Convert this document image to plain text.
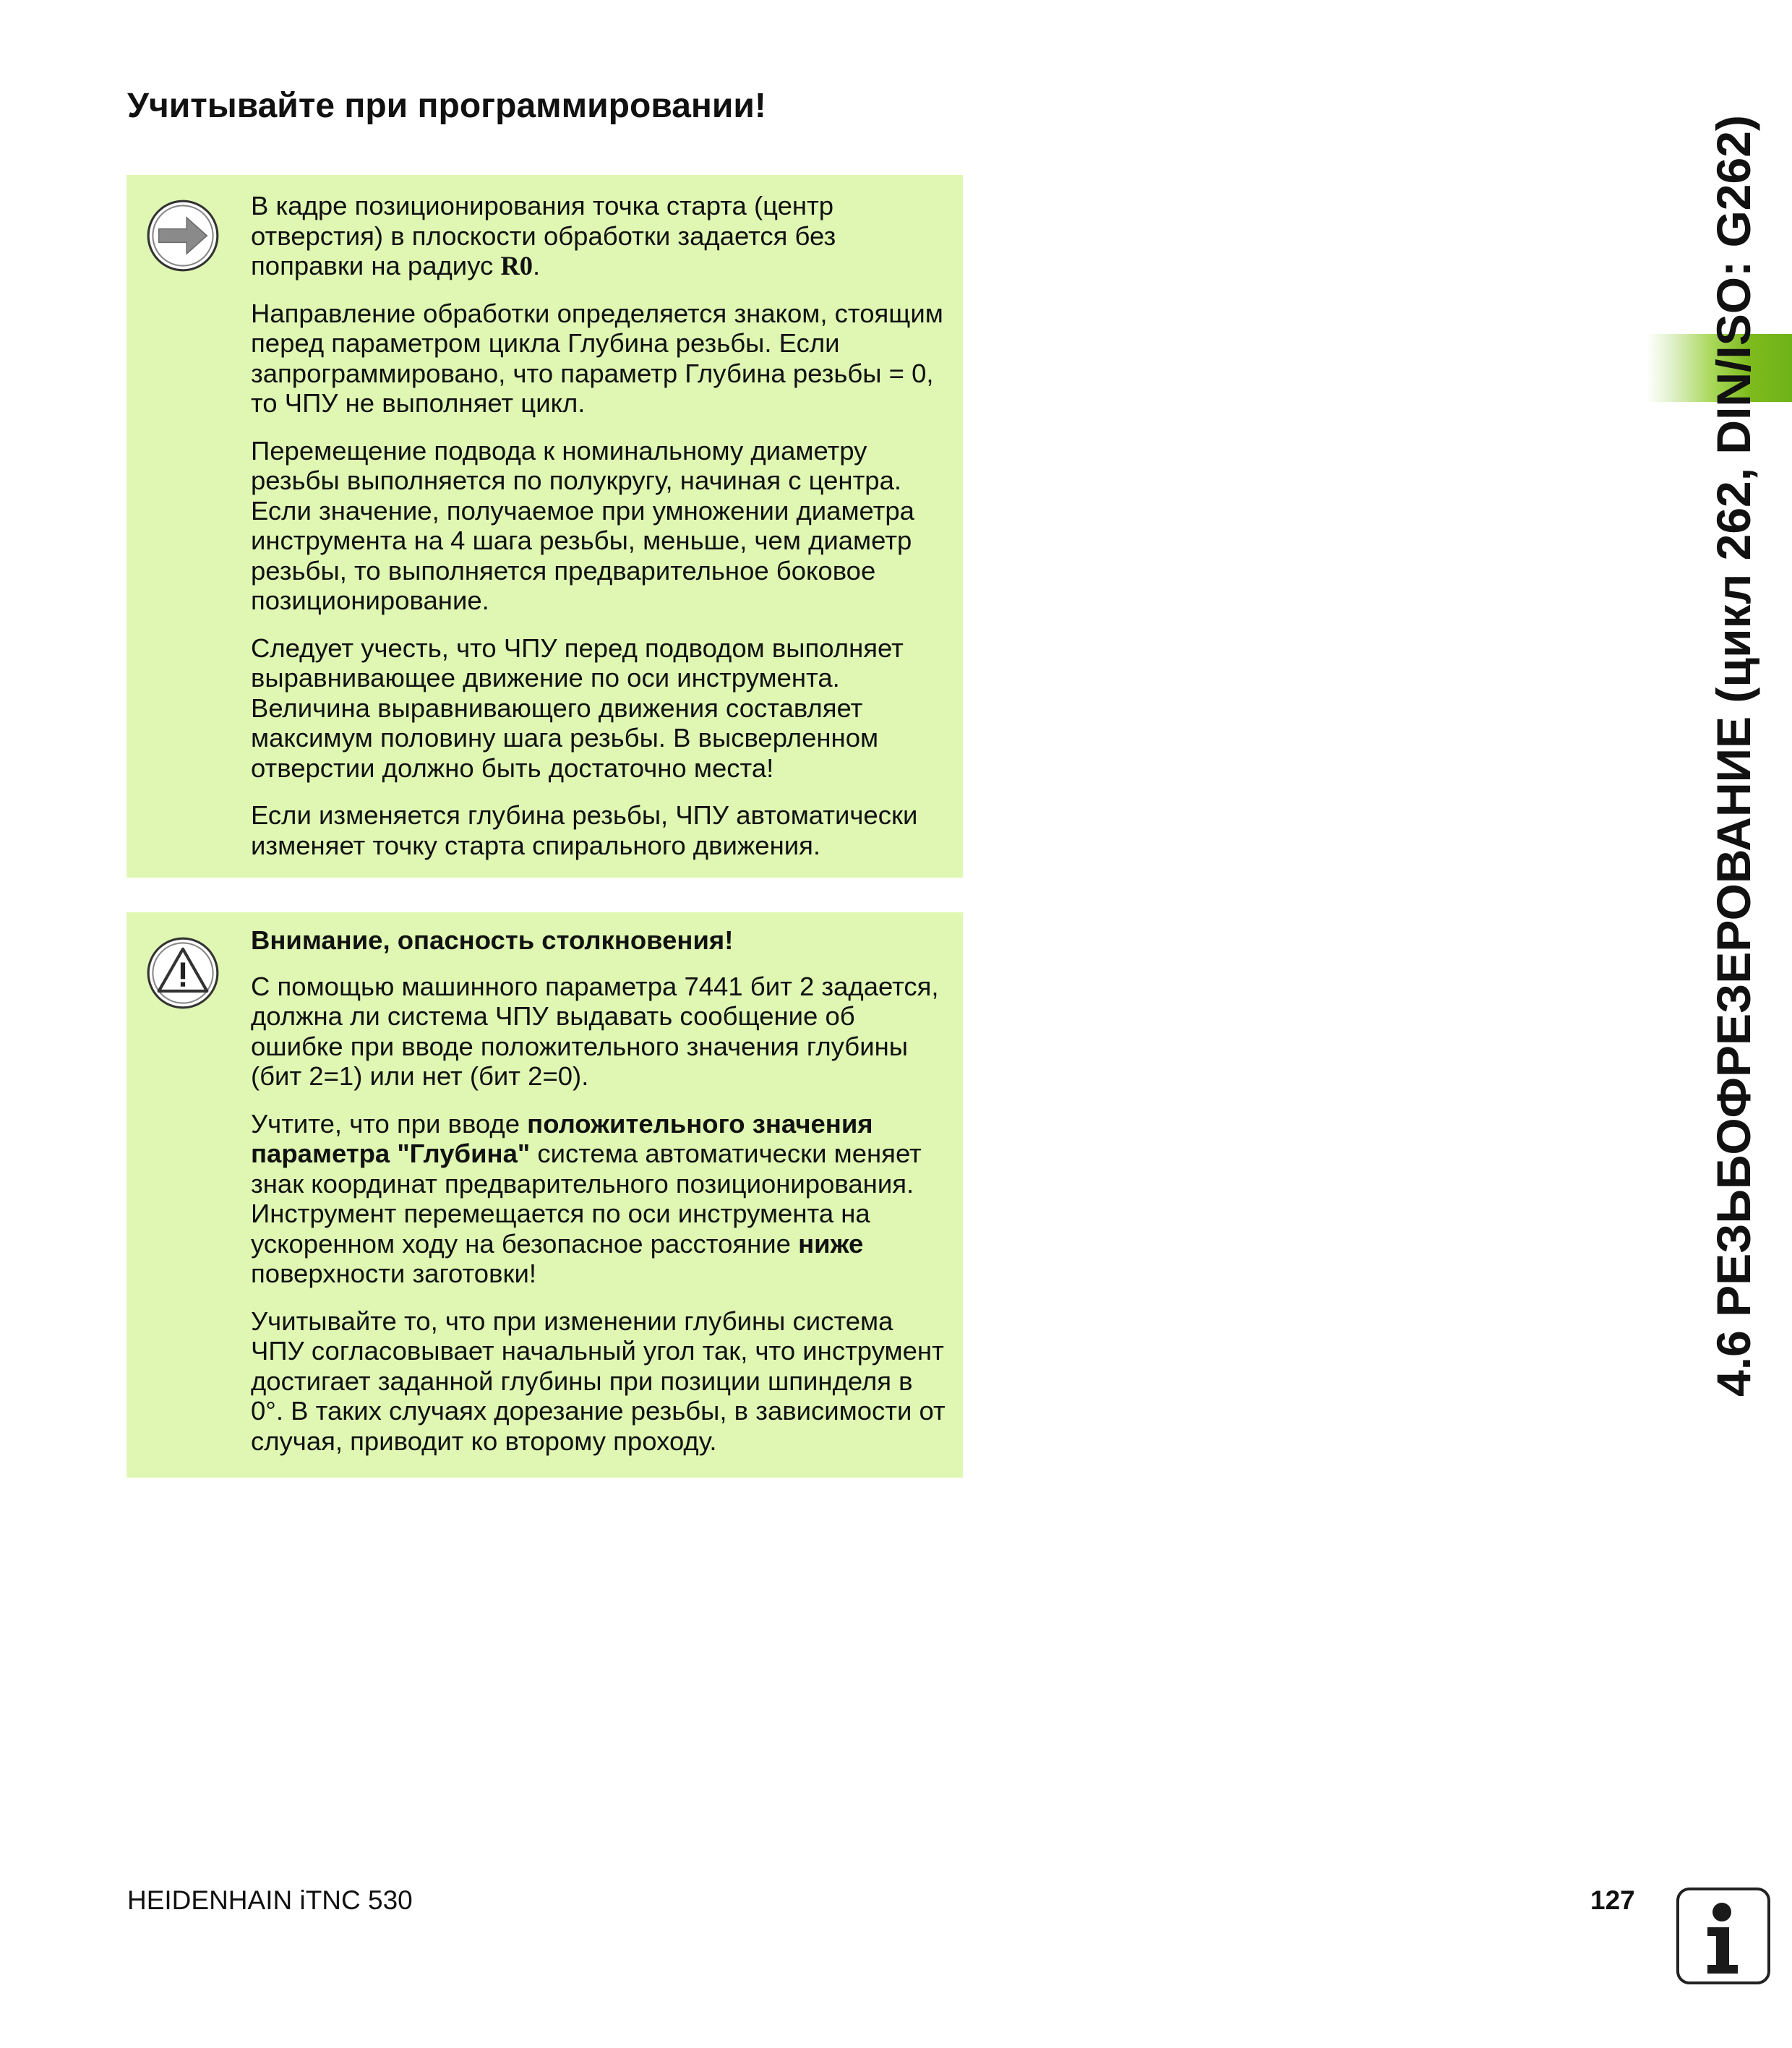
Учитывайте при программировании!

В кадре позиционирования точка старта (центр отверстия) в плоскости обработки задается без поправки на радиус R0.

Направление обработки определяется знаком, стоящим перед параметром цикла Глубина резьбы. Если запрограммировано, что параметр Глубина резьбы = 0, то ЧПУ не выполняет цикл.

Перемещение подвода к номинальному диаметру резьбы выполняется по полукругу, начиная с центра. Если значение, получаемое при умножении диаметра инструмента на 4 шага резьбы, меньше, чем диаметр резьбы, то выполняется предварительное боковое позиционирование.

Следует учесть, что ЧПУ перед подводом выполняет выравнивающее движение по оси инструмента. Величина выравнивающего движения составляет максимум половину шага резьбы. В высверленном отверстии должно быть достаточно места!

Если изменяется глубина резьбы, ЧПУ автоматически изменяет точку старта спирального движения.

Внимание, опасность столкновения!

С помощью машинного параметра 7441 бит 2 задается, должна ли система ЧПУ выдавать сообщение об ошибке при вводе положительного значения глубины (бит 2=1) или нет (бит 2=0).

Учтите, что при вводе положительного значения параметра "Глубина" система автоматически меняет знак координат предварительного позиционирования. Инструмент перемещается по оси инструмента на ускоренном ходу на безопасное расстояние ниже поверхности заготовки!

Учитывайте то, что при изменении глубины система ЧПУ согласовывает начальный угол так, что инструмент достигает заданной глубины при позиции шпинделя в 0°. В таких случаях дорезание резьбы, в зависимости от случая, приводит ко второму проходу.

4.6 РЕЗЬБОФРЕЗЕРОВАНИЕ (цикл 262, DIN/ISO: G262)
HEIDENHAIN iTNC 530	127
